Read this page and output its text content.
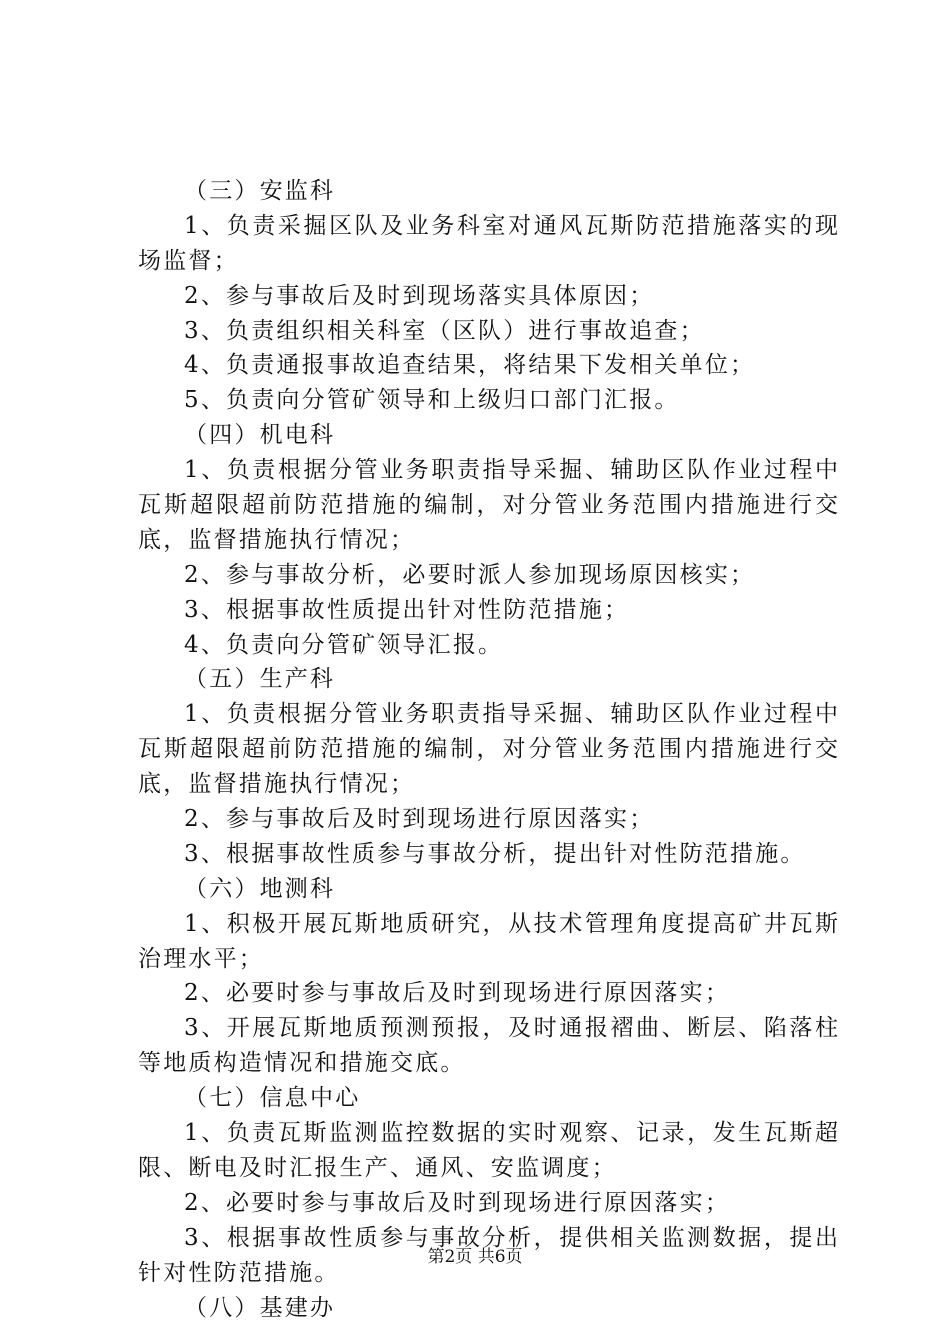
（三）安监科
1、负责采掘区队及业务科室对通风瓦斯防范措施落实的现
场监督；
2、参与事故后及时到现场落实具体原因；
3、负责组织相关科室（区队）进行事故追查；
4、负责通报事故追查结果，将结果下发相关单位；
5、负责向分管矿领导和上级归口部门汇报。
（四）机电科
1、负责根据分管业务职责指导采掘、辅助区队作业过程中
瓦斯超限超前防范措施的编制，对分管业务范围内措施进行交
底，监督措施执行情况；
2、参与事故分析，必要时派人参加现场原因核实；
3、根据事故性质提出针对性防范措施；
4、负责向分管矿领导汇报。
（五）生产科
1、负责根据分管业务职责指导采掘、辅助区队作业过程中
瓦斯超限超前防范措施的编制，对分管业务范围内措施进行交
底，监督措施执行情况；
2、参与事故后及时到现场进行原因落实；
3、根据事故性质参与事故分析，提出针对性防范措施。
（六）地测科
1、积极开展瓦斯地质研究，从技术管理角度提高矿井瓦斯
治理水平；
2、必要时参与事故后及时到现场进行原因落实；
3、开展瓦斯地质预测预报，及时通报褶曲、断层、陷落柱
等地质构造情况和措施交底。
（七）信息中心
1、负责瓦斯监测监控数据的实时观察、记录，发生瓦斯超
限、断电及时汇报生产、通风、安监调度；
2、必要时参与事故后及时到现场进行原因落实；
3、根据事故性质参与事故分析，提供相关监测数据，提出
针对性防范措施。
（八）基建办
第2页 共6页
